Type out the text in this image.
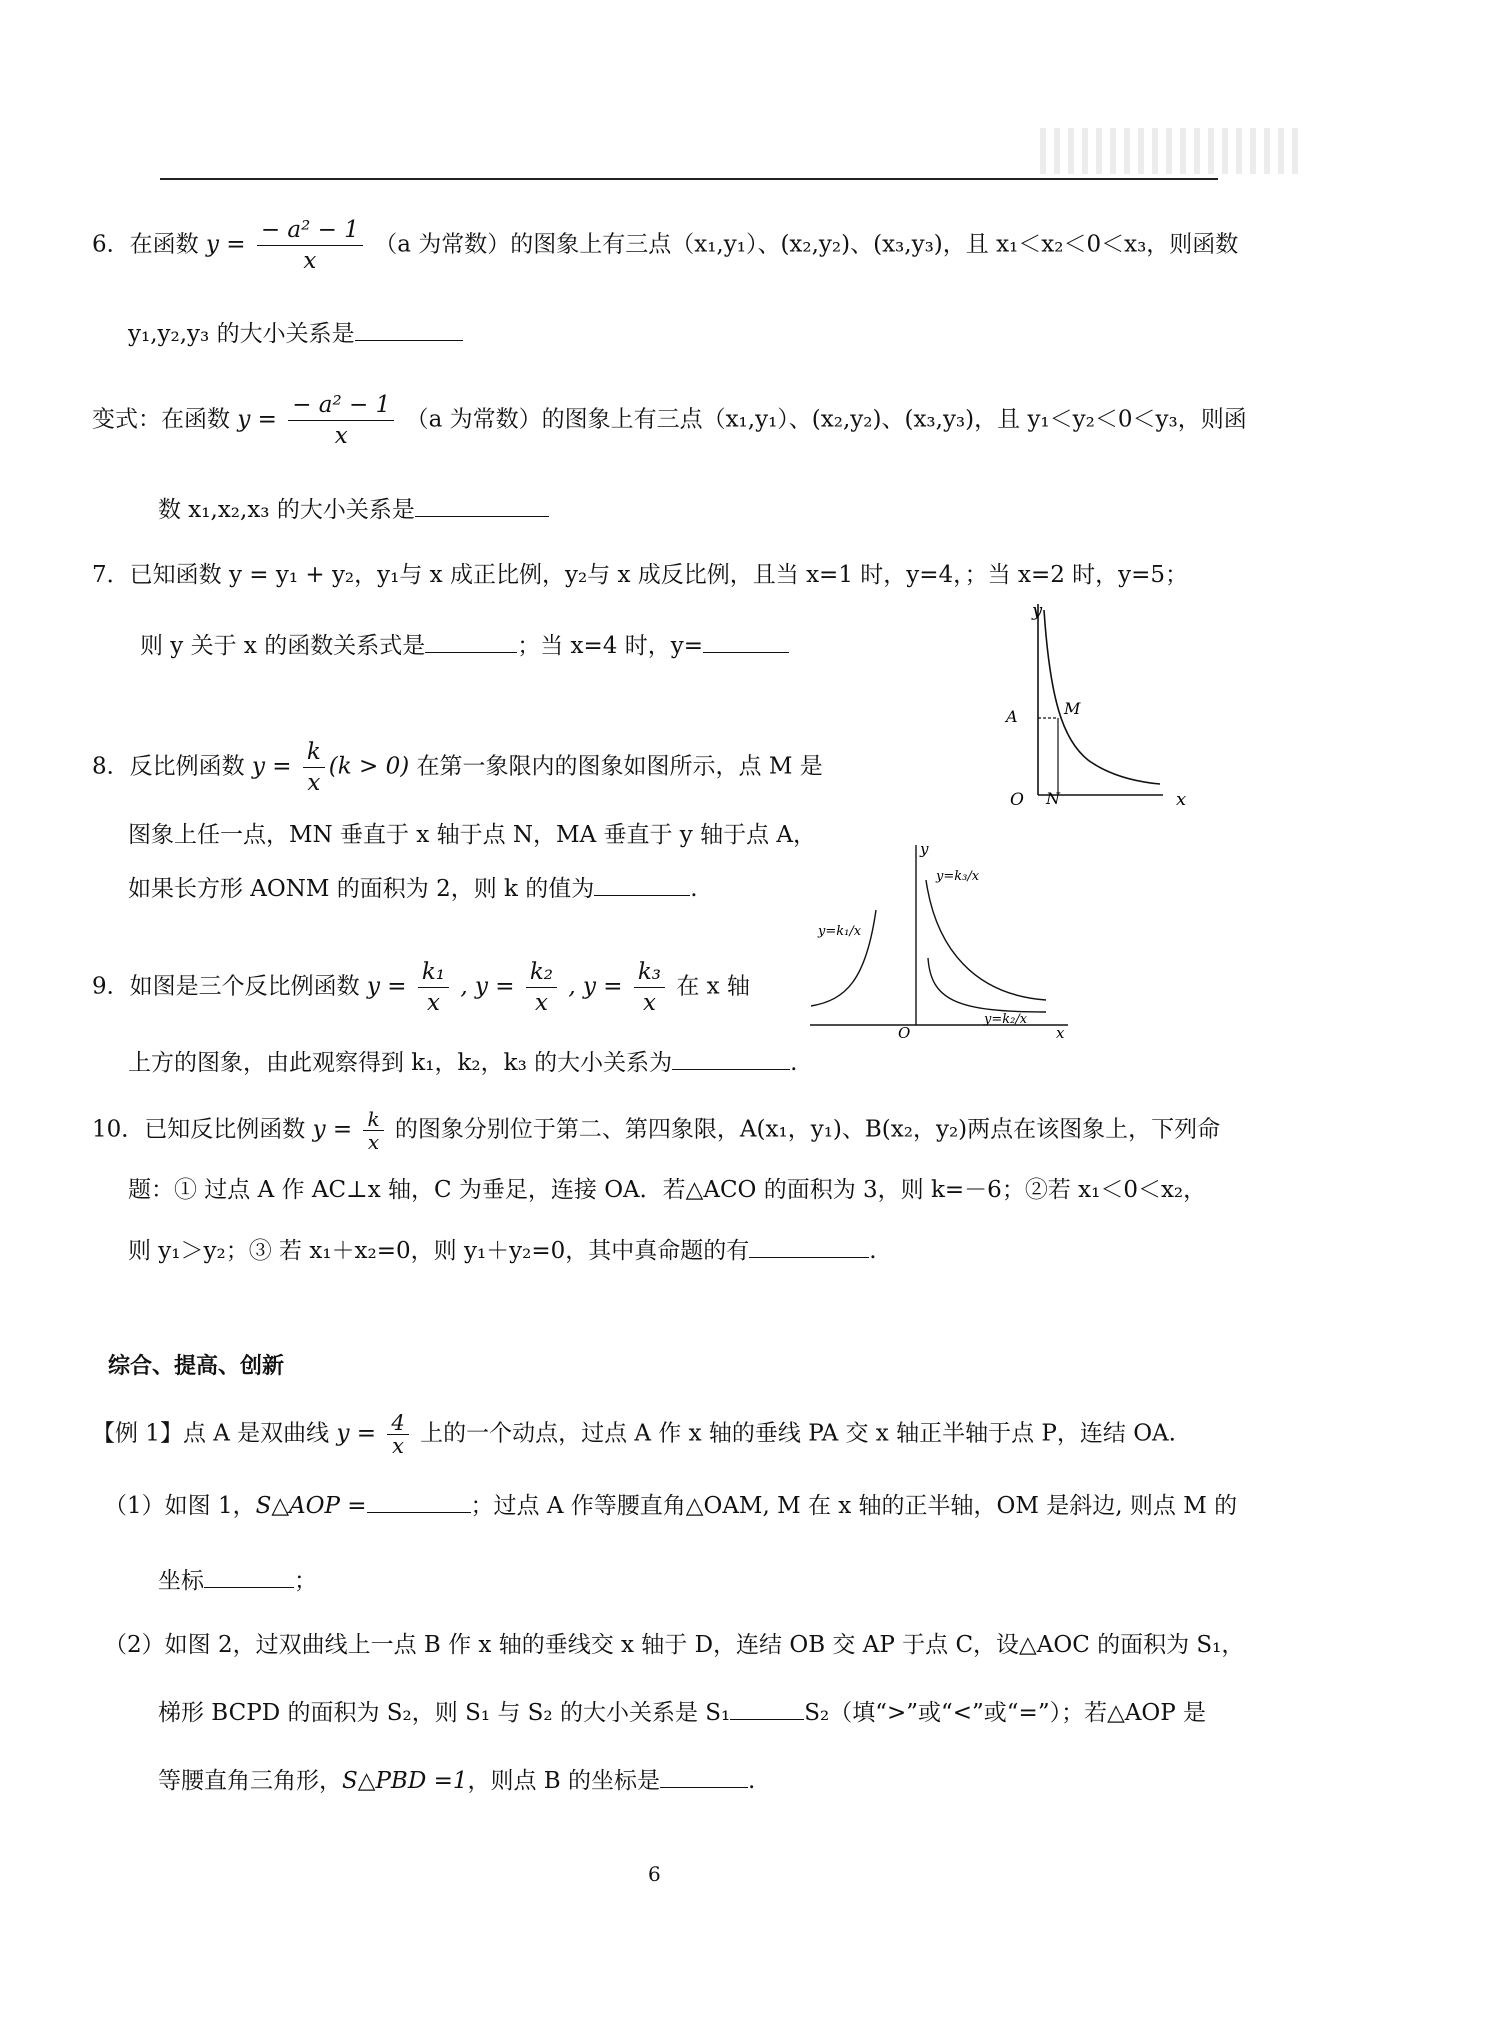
6．在函数 $y = \frac{\text{− a² − 1}}{x} (a$ 为常数）的图象上有三点（x₁,y₁）、(x₂,y₂)、(x₃,y₃)，且 x₁＜x₂＜0＜x₃，则函数
y₁,y₂,y₃ 的大小关系是
变式：在函数 $y = \frac{\text{− a² − 1}}{x} (a$ 为常数）的图象上有三点（x₁,y₁）、(x₂,y₂)、(x₃,y₃)，且 y₁＜y₂＜0＜y₃，则函
数 x₁,x₂,x₃ 的大小关系是
7．已知函数 y = y₁ + y₂，y₁与 x 成正比例，y₂与 x 成反比例，且当 x=1 时，y=4，；当 x=2 时，y=5；
则 y 关于 x 的函数关系式是	；当 x=4 时，y=
y
x
O N
A	M
8．反比例函数 $y = \frac{k}{x} (k > 0)$ 在第一象限内的图象如图所示，点 M 是
图象上任一点，MN 垂直于 x 轴于点 N，MA 垂直于 y 轴于点 A，
如果长方形 AONM 的面积为 2，则 k 的值为	.
y=k₁/x
y=k₃/x
y=k₂/x
y
x
O
9．如图是三个反比例函数 $y = \frac{\text{k₁}}{x}$ , $y = \frac{\text{k₂}}{x}$ , $y = \frac{\text{k₃}}{x}$ 在 x 轴
上方的图象，由此观察得到 k₁，k₂，k₃ 的大小关系为	.
10．已知反比例函数 $y = \frac{k}{x}$ 的图象分别位于第二、第四象限，A(x₁，y₁)、B(x₂，y₂)两点在该图象上，下列命
题：① 过点 A 作 AC⊥x 轴，C 为垂足，连接 OA．若△ACO 的面积为 3，则 k=－6；②若 x₁＜0＜x₂，
则 y₁＞y₂；③ 若 x₁＋x₂=0，则 y₁＋y₂=0，其中真命题的有	.
综合、提高、创新
【例 1】点 A 是双曲线 $y = \frac{4}{x}$ 上的一个动点，过点 A 作 x 轴的垂线 PA 交 x 轴正半轴于点 P，连结 OA.
（1）如图 1，S△AOP =	；过点 A 作等腰直角△OAM, M 在 x 轴的正半轴，OM 是斜边, 则点 M 的
坐标	；
（2）如图 2，过双曲线上一点 B 作 x 轴的垂线交 x 轴于 D，连结 OB 交 AP 于点 C，设△AOC 的面积为 S₁，
梯形 BCPD 的面积为 S₂，则 S₁ 与 S₂ 的大小关系是 S₁	S₂（填“>”或“<”或“=”）；若△AOP 是
等腰直角三角形，S△PBD =1，则点 B 的坐标是	.
6
